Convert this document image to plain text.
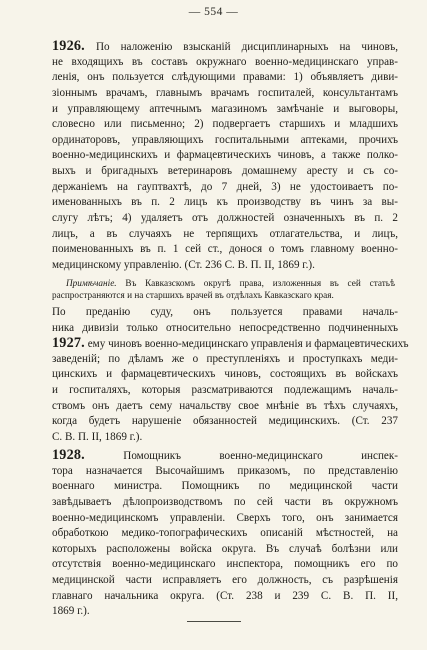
— 554 —
1926. По наложенію взысканій дисциплинарныхъ на чиновъ,
не входящихъ въ составъ окружнаго военно-медицинскаго управ-
ленія, онъ пользуется слѣдующими правами: 1) объявляетъ диви-
зіоннымъ врачамъ, главнымъ врачамъ госпиталей, консультантамъ
и управляющему аптечнымъ магазиномъ замѣчаніе и выговоры,
словесно или письменно; 2) подвергаетъ старшихъ и младшихъ
ординаторовъ, управляющихъ госпитальными аптеками, прочихъ
военно-медицинскихъ и фармацевтическихъ чиновъ, а также полко-
выхъ и бригадныхъ ветеринаровъ домашнему аресту и съ со-
держаніемъ на гауптвахтѣ, до 7 дней, 3) не удостоиваетъ по-
именованныхъ въ п. 2 лицъ къ производству въ чинъ за вы-
слугу лѣтъ; 4) удаляетъ отъ должностей означенныхъ въ п. 2
лицъ, а въ случаяхъ не терпящихъ отлагательства, и лицъ,
поименованныхъ въ п. 1 сей ст., донося о томъ главному военно-
медицинскому управленію. (Ст. 236 С. В. П. II, 1869 г.).
Примѣчаніе. Въ Кавказскомъ округѣ права, изложенныя въ сей статьѣ
распространяются и на старшихъ врачей въ отдѣлахъ Кавказскаго края.
По преданію суду, онъ пользуется правами началь-
ника дивизіи только относительно непосредственно подчиненныхъ
1927. ему чиновъ военно-медицинскаго управленія и фармацевтическихъ
заведеній; по дѣламъ же о преступленіяхъ и проступкахъ меди-
цинскихъ и фармацевтическихъ чиновъ, состоящихъ въ войскахъ
и госпиталяхъ, которыя разсматриваются подлежащимъ началь-
ствомъ онъ даетъ сему начальству свое мнѣніе въ тѣхъ случаяхъ,
когда будетъ нарушеніе обязанностей медицинскихъ. (Ст. 237
С. В. П. II, 1869 г.).
1928.	Помощникъ военно-медицинскаго инспек-
тора назначается Высочайшимъ приказомъ, по представленію
военнаго министра. Помощникъ по медицинской части
завѣдываетъ дѣлопроизводствомъ по сей части въ окружномъ
военно-медицинскомъ управленіи. Сверхъ того, онъ занимается
обработкою медико-топографическихъ описаній мѣстностей, на
которыхъ расположены войска округа. Въ случаѣ болѣзни или
отсутствія военно-медицинскаго инспектора, помощникъ его по
медицинской части исправляетъ его должность, съ разрѣшенія
главнаго начальника округа. (Ст. 238 и 239 С. В. П. II,
1869 г.).
